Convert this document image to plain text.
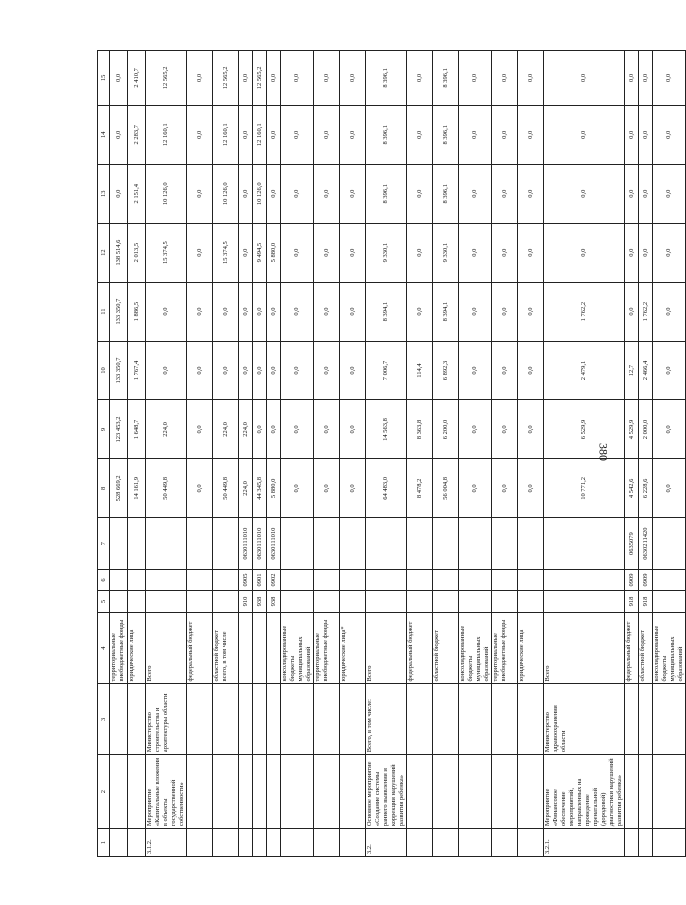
380
1	2	3	4	5	6	7	8	9	10	11	12	13	14	15
			территориальные внебюджетные фонды				528 669,2	123 453,2	133 350,7	133 350,7	138 514,6	0,0	0,0	0,0
			юридические лица				14 161,9	1 648,7	1 767,4	1 886,5	2 013,5	2 151,4	2 283,7	2 410,7
3.1.2.	Мероприятие «Капитальные вложения в объекты государственной собственности»	Министерство строительства и архитектуры области	Всего				50 449,8	224,0	0,0	0,0	15 374,5	10 126,0	12 160,1	12 565,2
			федеральный бюджет				0,0	0,0	0,0	0,0	0,0	0,0	0,0	0,0
			областной бюджет всего, в том числе				50 449,8	224,0	0,0	0,0	15 374,5	10 126,0	12 160,1	12 565,2
				910	0905	0630111010	224,0	224,0	0,0	0,0	0,0	0,0	0,0	0,0
				938	0901	0630111010	44 345,8	0,0	0,0	0,0	9 494,5	10 126,0	12 160,1	12 565,2
				938	0902	0630111010	5 880,0	0,0	0,0	0,0	5 880,0	0,0	0,0	0,0
			консолидированные бюджеты муниципальных образований				0,0	0,0	0,0	0,0	0,0	0,0	0,0	0,0
			территориальные внебюджетные фонды				0,0	0,0	0,0	0,0	0,0	0,0	0,0	0,0
			юридические лица*				0,0	0,0	0,0	0,0	0,0	0,0	0,0	0,0
3.2.	Основное мероприятие «Создание системы раннего выявления и коррекции нарушений развития ребенка»	Всего, в том числе:	Всего				64 483,0	14 563,8	7 006,7	8 394,1	9 330,1	8 396,1	8 396,1	8 396,1
			федеральный бюджет				8 478,2	8 363,8	114,4	0,0	0,0	0,0	0,0	0,0
			областной бюджет				56 004,8	6 200,0	6 892,3	8 394,1	9 330,1	8 396,1	8 396,1	8 396,1
			консолидированные бюджеты муниципальных образований				0,0	0,0	0,0	0,0	0,0	0,0	0,0	0,0
			территориальные внебюджетные фонды				0,0	0,0	0,0	0,0	0,0	0,0	0,0	0,0
			юридические лица				0,0	0,0	0,0	0,0	0,0	0,0	0,0	0,0
3.2.1.	Мероприятие «Финансовое обеспечение мероприятий, направленных на проведение пренатальной (дородовой) диагностики нарушений развития ребенка»	Министерство здравоохранения области	Всего				10 771,2	6 529,9	2 479,1	1 762,2	0,0	0,0	0,0	0,0
			федеральный бюджет	918	0909	0635079	4 542,6	4 529,9	12,7	0,0	0,0	0,0	0,0	0,0
			областной бюджет	918	0909	0630211420	6 228,6	2 000,0	2 466,4	1 762,2	0,0	0,0	0,0	0,0
			консолидированные бюджеты муниципальных образований				0,0	0,0	0,0	0,0	0,0	0,0	0,0	0,0
